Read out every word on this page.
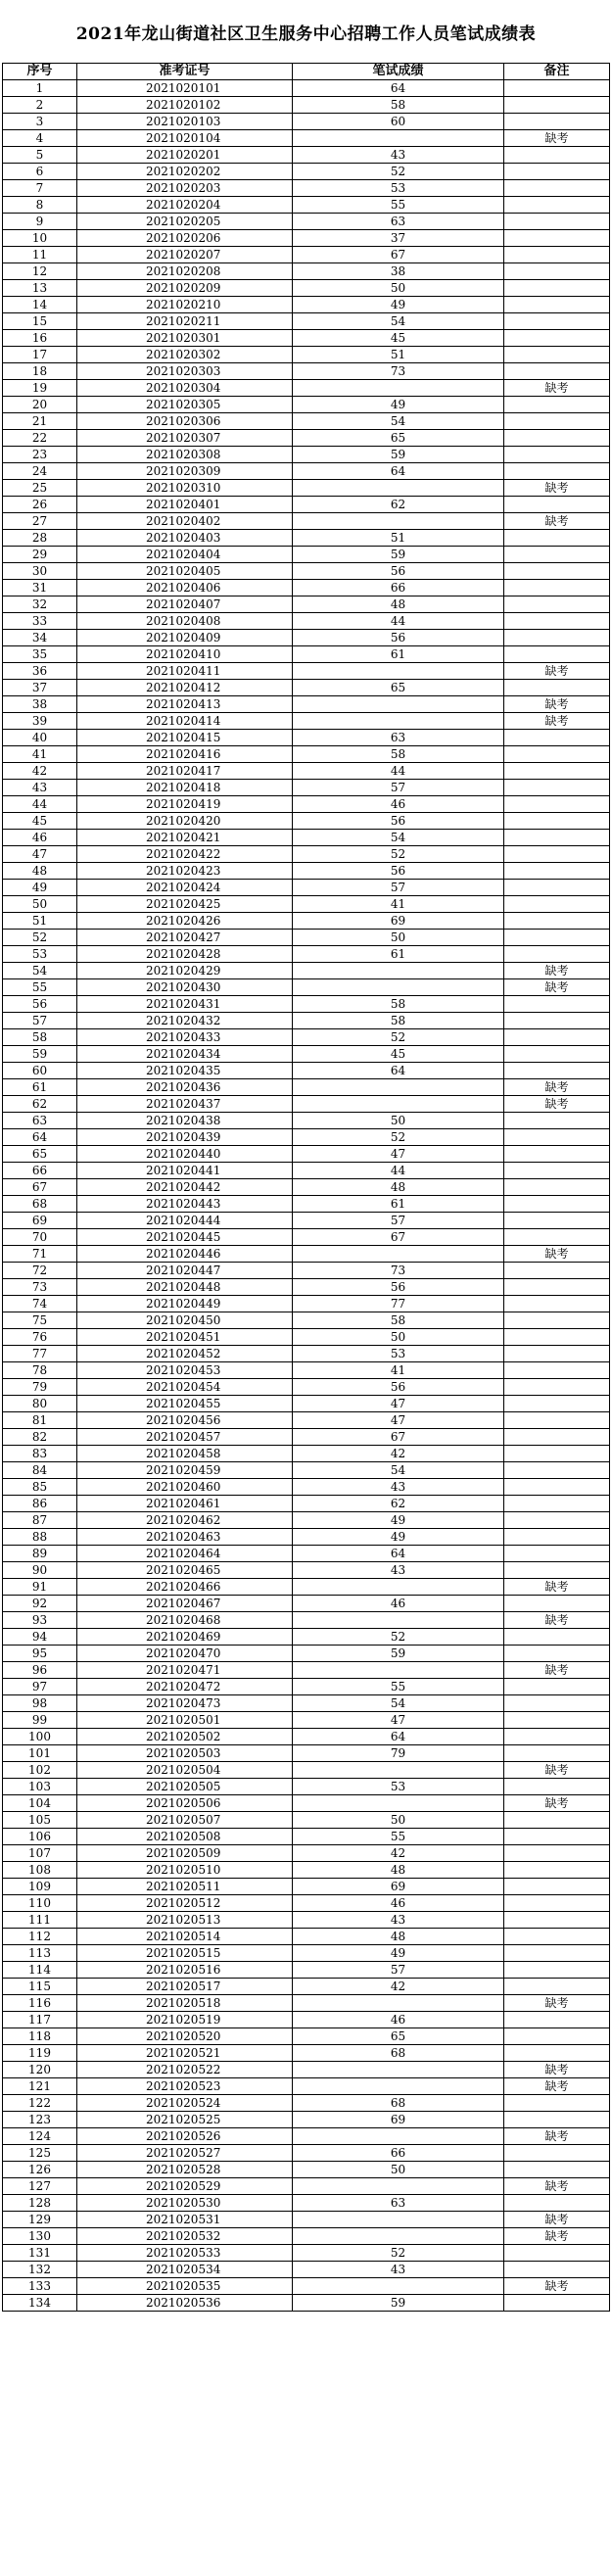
2021年龙山街道社区卫生服务中心招聘工作人员笔试成绩表
序号	准考证号	笔试成绩	备注
1	2021020101	64	
2	2021020102	58	
3	2021020103	60	
4	2021020104		缺考
5	2021020201	43	
6	2021020202	52	
7	2021020203	53	
8	2021020204	55	
9	2021020205	63	
10	2021020206	37	
11	2021020207	67	
12	2021020208	38	
13	2021020209	50	
14	2021020210	49	
15	2021020211	54	
16	2021020301	45	
17	2021020302	51	
18	2021020303	73	
19	2021020304		缺考
20	2021020305	49	
21	2021020306	54	
22	2021020307	65	
23	2021020308	59	
24	2021020309	64	
25	2021020310		缺考
26	2021020401	62	
27	2021020402		缺考
28	2021020403	51	
29	2021020404	59	
30	2021020405	56	
31	2021020406	66	
32	2021020407	48	
33	2021020408	44	
34	2021020409	56	
35	2021020410	61	
36	2021020411		缺考
37	2021020412	65	
38	2021020413		缺考
39	2021020414		缺考
40	2021020415	63	
41	2021020416	58	
42	2021020417	44	
43	2021020418	57	
44	2021020419	46	
45	2021020420	56	
46	2021020421	54	
47	2021020422	52	
48	2021020423	56	
49	2021020424	57	
50	2021020425	41	
51	2021020426	69	
52	2021020427	50	
53	2021020428	61	
54	2021020429		缺考
55	2021020430		缺考
56	2021020431	58	
57	2021020432	58	
58	2021020433	52	
59	2021020434	45	
60	2021020435	64	
61	2021020436		缺考
62	2021020437		缺考
63	2021020438	50	
64	2021020439	52	
65	2021020440	47	
66	2021020441	44	
67	2021020442	48	
68	2021020443	61	
69	2021020444	57	
70	2021020445	67	
71	2021020446		缺考
72	2021020447	73	
73	2021020448	56	
74	2021020449	77	
75	2021020450	58	
76	2021020451	50	
77	2021020452	53	
78	2021020453	41	
79	2021020454	56	
80	2021020455	47	
81	2021020456	47	
82	2021020457	67	
83	2021020458	42	
84	2021020459	54	
85	2021020460	43	
86	2021020461	62	
87	2021020462	49	
88	2021020463	49	
89	2021020464	64	
90	2021020465	43	
91	2021020466		缺考
92	2021020467	46	
93	2021020468		缺考
94	2021020469	52	
95	2021020470	59	
96	2021020471		缺考
97	2021020472	55	
98	2021020473	54	
99	2021020501	47	
100	2021020502	64	
101	2021020503	79	
102	2021020504		缺考
103	2021020505	53	
104	2021020506		缺考
105	2021020507	50	
106	2021020508	55	
107	2021020509	42	
108	2021020510	48	
109	2021020511	69	
110	2021020512	46	
111	2021020513	43	
112	2021020514	48	
113	2021020515	49	
114	2021020516	57	
115	2021020517	42	
116	2021020518		缺考
117	2021020519	46	
118	2021020520	65	
119	2021020521	68	
120	2021020522		缺考
121	2021020523		缺考
122	2021020524	68	
123	2021020525	69	
124	2021020526		缺考
125	2021020527	66	
126	2021020528	50	
127	2021020529		缺考
128	2021020530	63	
129	2021020531		缺考
130	2021020532		缺考
131	2021020533	52	
132	2021020534	43	
133	2021020535		缺考
134	2021020536	59	
